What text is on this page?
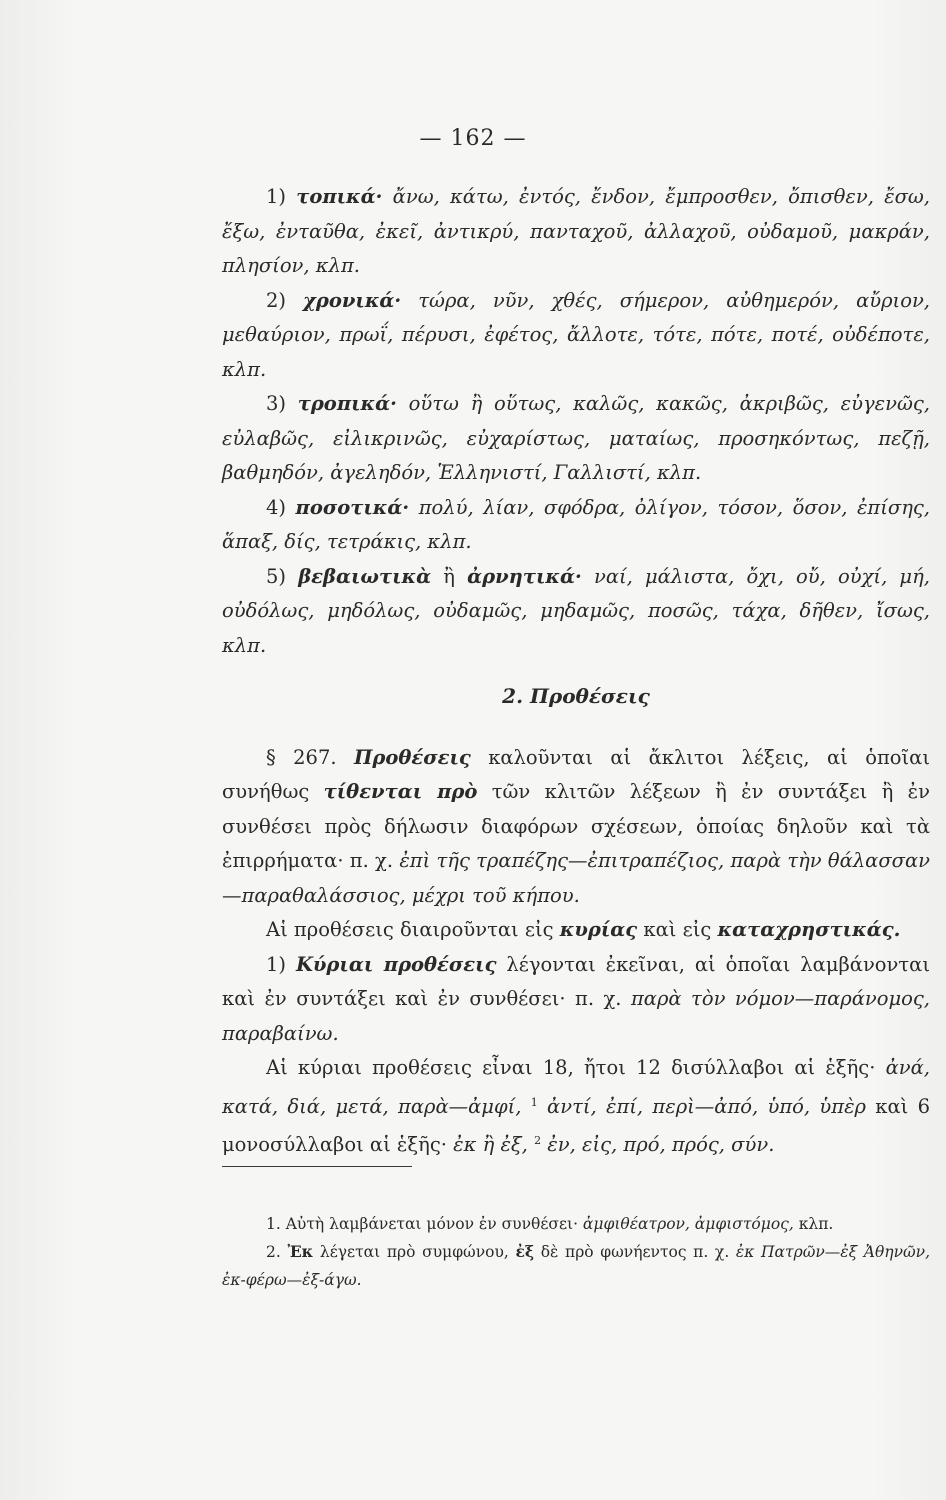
— 162 —

1) τοπικά· ἄνω, κάτω, ἐντός, ἔνδον, ἔμπροσθεν, ὄπισθεν, ἔσω, ἔξω, ἐνταῦθα, ἐκεῖ, ἀντικρύ, πανταχοῦ, ἀλλαχοῦ, οὐδαμοῦ, μακράν, πλησίον, κλπ.

2) χρονικά· τώρα, νῦν, χθές, σήμερον, αὐθημερόν, αὔριον, μεθαύριον, πρωΐ, πέρυσι, ἐφέτος, ἄλλοτε, τότε, πότε, ποτέ, οὐδέποτε, κλπ.

3) τροπικά· οὕτω ἢ οὕτως, καλῶς, κακῶς, ἀκριβῶς, εὐγενῶς, εὐλαβῶς, εἰλικρινῶς, εὐχαρίστως, ματαίως, προσηκόντως, πεζῇ, βαθμηδόν, ἀγεληδόν, Ἑλληνιστί, Γαλλιστί, κλπ.

4) ποσοτικά· πολύ, λίαν, σφόδρα, ὀλίγον, τόσον, ὅσον, ἐπίσης, ἅπαξ, δίς, τετράκις, κλπ.

5) βεβαιωτικὰ ἢ ἀρνητικά· ναί, μάλιστα, ὄχι, οὔ, οὐχί, μή, οὐδόλως, μηδόλως, οὐδαμῶς, μηδαμῶς, ποσῶς, τάχα, δῆθεν, ἴσως, κλπ.

2. Προθέσεις

§ 267. Προθέσεις καλοῦνται αἱ ἄκλιτοι λέξεις, αἱ ὁποῖαι συνήθως τίθενται πρὸ τῶν κλιτῶν λέξεων ἢ ἐν συντάξει ἢ ἐν συνθέσει πρὸς δήλωσιν διαφόρων σχέσεων, ὁποίας δηλοῦν καὶ τὰ ἐπιρρήματα· π. χ. ἐπὶ τῆς τραπέζης—ἐπιτραπέζιος, παρὰ τὴν θάλασσαν—παραθαλάσσιος, μέχρι τοῦ κήπου.

Αἱ προθέσεις διαιροῦνται εἰς κυρίας καὶ εἰς καταχρηστικάς.

1) Κύριαι προθέσεις λέγονται ἐκεῖναι, αἱ ὁποῖαι λαμβάνονται καὶ ἐν συντάξει καὶ ἐν συνθέσει· π. χ. παρὰ τὸν νόμον—παράνομος, παραβαίνω.

Αἱ κύριαι προθέσεις εἶναι 18, ἤτοι 12 δισύλλαβοι αἱ ἑξῆς· ἀνά, κατά, διά, μετά, παρὰ—ἀμφί, $^1$ ἀντί, ἐπί, περὶ—ἀπό, ὑπό, ὑπὲρ καὶ 6 μονοσύλλαβοι αἱ ἑξῆς· ἐκ ἢ ἐξ, $^2$ ἐν, εἰς, πρό, πρός, σύν.

1. Αὐτὴ λαμβάνεται μόνον ἐν συνθέσει· ἀμφιθέατρον, ἀμφιστόμος, κλπ.

2. Ἐκ λέγεται πρὸ συμφώνου, ἐξ δὲ πρὸ φωνήεντος π. χ. ἐκ Πατρῶν—ἐξ Ἀθηνῶν, ἐκ-φέρω—ἐξ-άγω.
